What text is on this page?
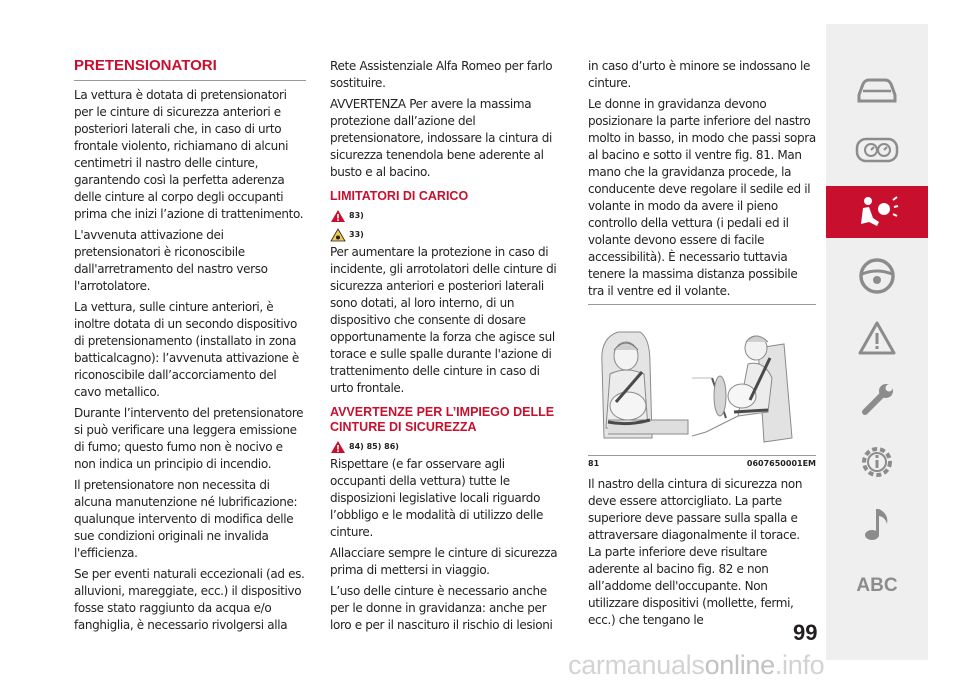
PRETENSIONATORI

La vettura è dotata di pretensionatori per le cinture di sicurezza anteriori e posteriori laterali che, in caso di urto frontale violento, richiamano di alcuni centimetri il nastro delle cinture, garantendo così la perfetta aderenza delle cinture al corpo degli occupanti prima che inizi l’azione di trattenimento.

L'avvenuta attivazione dei pretensionatori è riconoscibile dall'arretramento del nastro verso l'arrotolatore.

La vettura, sulle cinture anteriori, è inoltre dotata di un secondo dispositivo di pretensionamento (installato in zona batticalcagno): l’avvenuta attivazione è riconoscibile dall’accorciamento del cavo metallico.

Durante l’intervento del pretensionatore si può verificare una leggera emissione di fumo; questo fumo non è nocivo e non indica un principio di incendio.

Il pretensionatore non necessita di alcuna manutenzione né lubrificazione: qualunque intervento di modifica delle sue condizioni originali ne invalida l'efficienza.

Se per eventi naturali eccezionali (ad es. alluvioni, mareggiate, ecc.) il dispositivo fosse stato raggiunto da acqua e/o fanghiglia, è necessario rivolgersi alla

Rete Assistenziale Alfa Romeo per farlo sostituire.

AVVERTENZA Per avere la massima protezione dall’azione del pretensionatore, indossare la cintura di sicurezza tenendola bene aderente al busto e al bacino.

LIMITATORI DI CARICO
83)
33)

Per aumentare la protezione in caso di incidente, gli arrotolatori delle cinture di sicurezza anteriori e posteriori laterali sono dotati, al loro interno, di un dispositivo che consente di dosare opportunamente la forza che agisce sul torace e sulle spalle durante l'azione di trattenimento delle cinture in caso di urto frontale.

AVVERTENZE PER L’IMPIEGO DELLE CINTURE DI SICUREZZA
84) 85) 86)

Rispettare (e far osservare agli occupanti della vettura) tutte le disposizioni legislative locali riguardo l’obbligo e le modalità di utilizzo delle cinture.

Allacciare sempre le cinture di sicurezza prima di mettersi in viaggio.

L’uso delle cinture è necessario anche per le donne in gravidanza: anche per loro e per il nascituro il rischio di lesioni

in caso d’urto è minore se indossano le cinture.

Le donne in gravidanza devono posizionare la parte inferiore del nastro molto in basso, in modo che passi sopra al bacino e sotto il ventre fig. 81. Man mano che la gravidanza procede, la conducente deve regolare il sedile ed il volante in modo da avere il pieno controllo della vettura (i pedali ed il volante devono essere di facile accessibilità). È necessario tuttavia tenere la massima distanza possibile tra il ventre ed il volante.

81	0607650001EM

Il nastro della cintura di sicurezza non deve essere attorcigliato. La parte superiore deve passare sulla spalla e attraversare diagonalmente il torace. La parte inferiore deve risultare aderente al bacino fig. 82 e non all’addome dell'occupante. Non utilizzare dispositivi (mollette, fermi, ecc.) che tengano le

ABC
99
carmanualsonline.info
